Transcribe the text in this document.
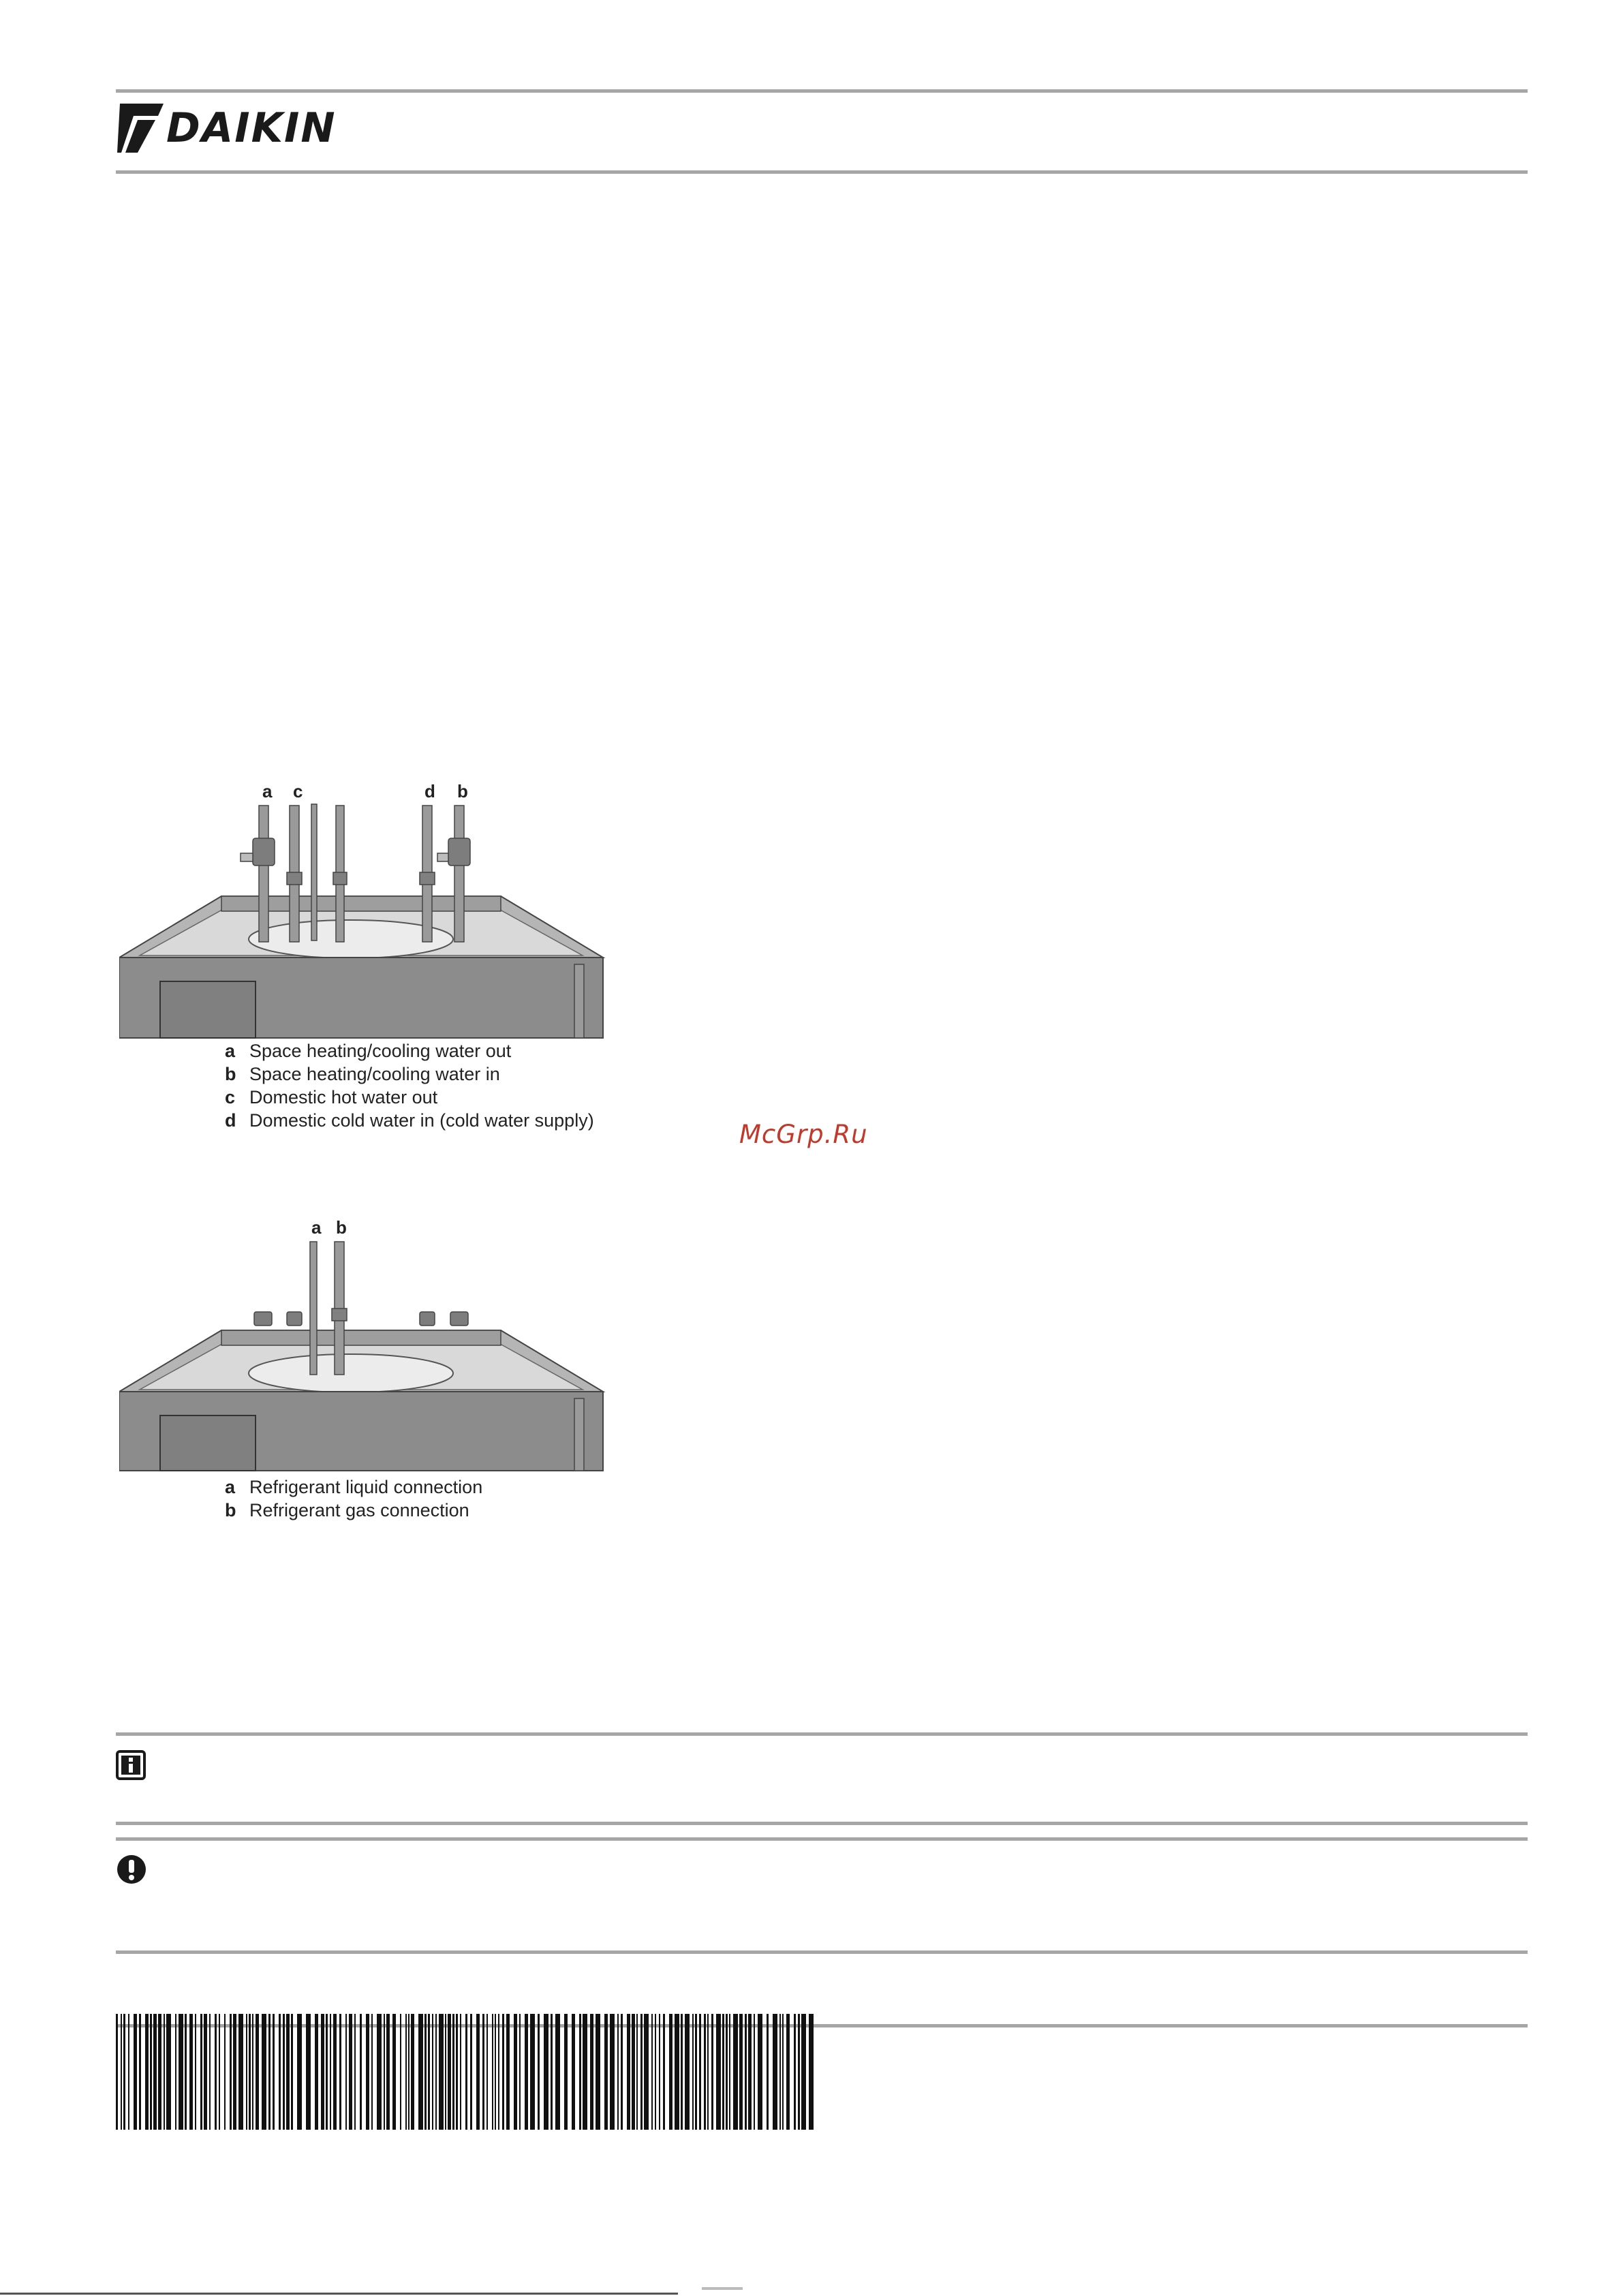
DAIKIN
a c	d b
a Space heating/cooling water out
b Space heating/cooling water in
c Domestic hot water out
d Domestic cold water in (cold water supply)	McGrp.Ru
a b
a Refrigerant liquid connection
b Refrigerant gas connection
